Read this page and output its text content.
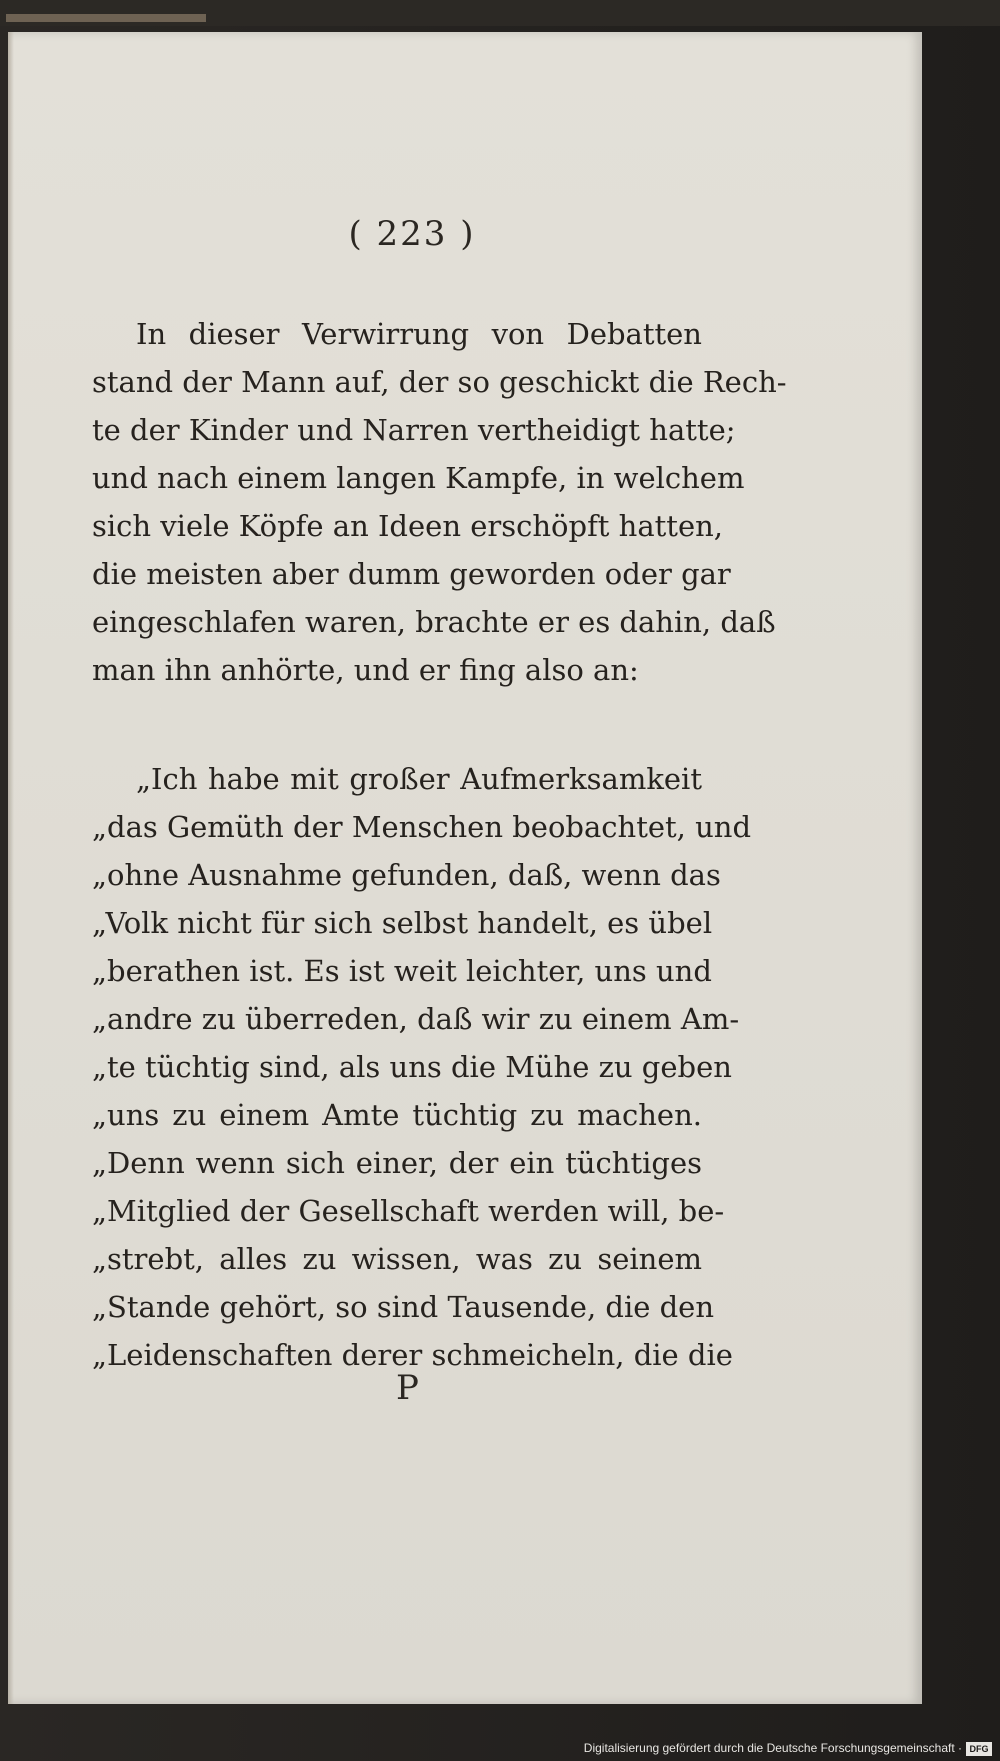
( 223 )
In dieser Verwirrung von Debatten
stand der Mann auf, der so geschickt die Rech-
te der Kinder und Narren vertheidigt hatte;
und nach einem langen Kampfe, in welchem
sich viele Köpfe an Ideen erschöpft hatten,
die meisten aber dumm geworden oder gar
eingeschlafen waren, brachte er es dahin, daß
man ihn anhörte, und er fing also an:
„Ich habe mit großer Aufmerksamkeit
„das Gemüth der Menschen beobachtet, und
„ohne Ausnahme gefunden, daß, wenn das
„Volk nicht für sich selbst handelt, es übel
„berathen ist. Es ist weit leichter, uns und
„andre zu überreden, daß wir zu einem Am-
„te tüchtig sind, als uns die Mühe zu geben
„uns zu einem Amte tüchtig zu machen.
„Denn wenn sich einer, der ein tüchtiges
„Mitglied der Gesellschaft werden will, be-
„strebt, alles zu wissen, was zu seinem
„Stande gehört, so sind Tausende, die den
„Leidenschaften derer schmeicheln, die die
P
Digitalisierung gefördert durch die Deutsche Forschungsgemeinschaft · DFG
